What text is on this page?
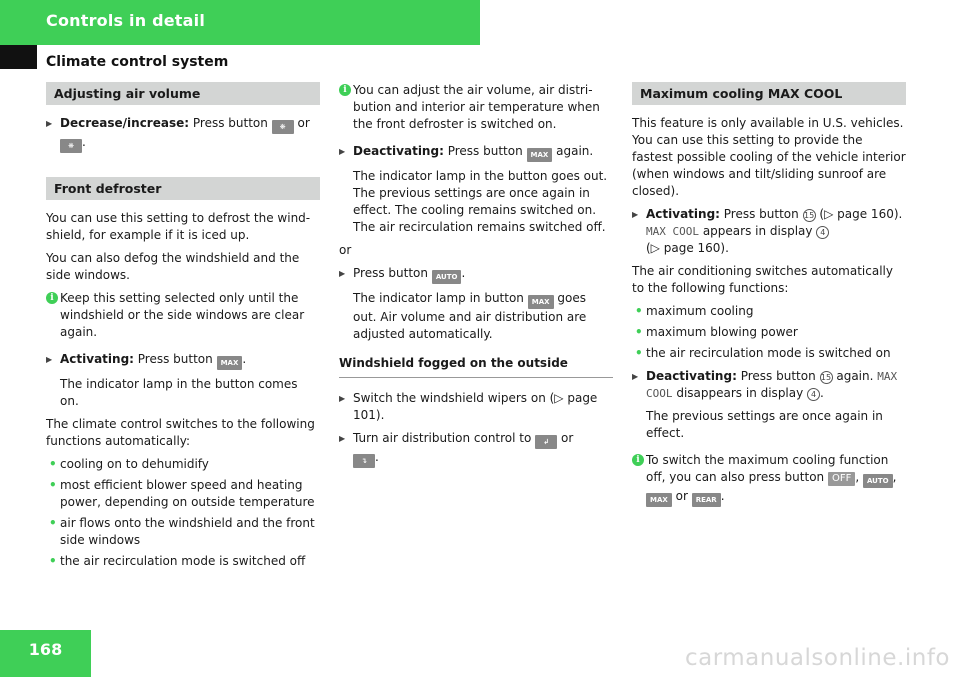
Controls in detail
Climate control system
Adjusting air volume
▶ Decrease/increase: Press button ❋ or
❋ .
Front defroster

You can use this setting to defrost the wind-shield, for example if it is iced up.

You can also defog the windshield and the side windows.

i Keep this setting selected only until the windshield or the side windows are clear again.
▶ Activating: Press button MAX .
The indicator lamp in the button comes on.

The climate control switches to the following functions automatically:

• cooling on to dehumidify
• most efficient blower speed and heating power, depending on outside temperature
• air flows onto the windshield and the front side windows
• the air recirculation mode is switched off
i You can adjust the air volume, air distri-bution and interior air temperature when the front defroster is switched on.
▶ Deactivating: Press button MAX again.
The indicator lamp in the button goes out. The previous settings are once again in effect. The cooling remains switched on. The air recirculation remains switched off.

or

▶ Press button AUTO .
The indicator lamp in button MAX goes out. Air volume and air distribution are adjusted automatically.
Windshield fogged on the outside
▶ Switch the windshield wipers on (▷ page 101).
▶ Turn air distribution control to ↲ or
↴ .
Maximum cooling MAX COOL

This feature is only available in U.S. vehicles. You can use this setting to provide the fastest possible cooling of the vehicle interior (when windows and tilt/sliding sunroof are closed).

▶ Activating: Press button 15 (▷ page 160).
MAX COOL appears in display 4
(▷ page 160).

The air conditioning switches automatically to the following functions:

• maximum cooling
• maximum blowing power
• the air recirculation mode is switched on
▶ Deactivating: Press button 15 again. MAX COOL disappears in display 4 .
The previous settings are once again in effect.
i To switch the maximum cooling function off, you can also press button OFF , AUTO ,
MAX or REAR .
168	carmanualsonline.info
